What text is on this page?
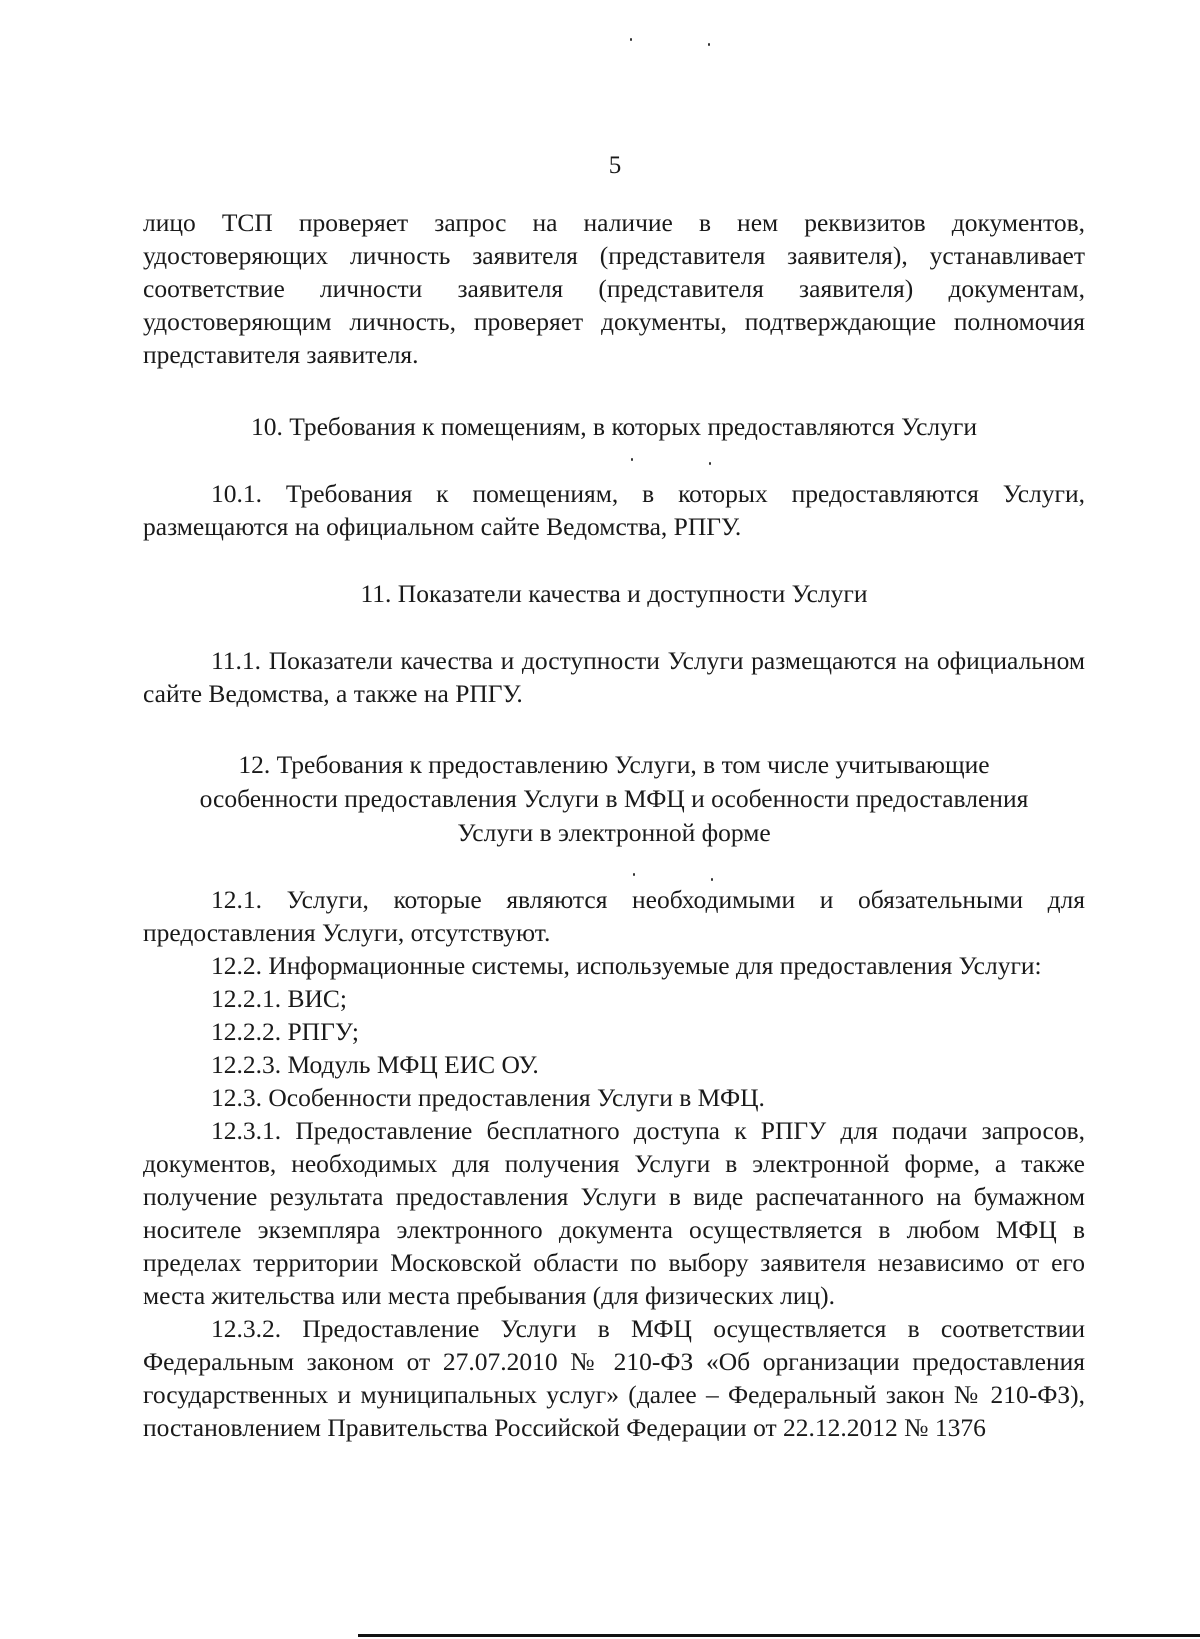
5

лицо ТСП проверяет запрос на наличие в нем реквизитов документов, удостоверяющих личность заявителя (представителя заявителя), устанавливает соответствие личности заявителя (представителя заявителя) документам, удостоверяющим личность, проверяет документы, подтверждающие полномочия представителя заявителя.

10. Требования к помещениям, в которых предоставляются Услуги

10.1. Требования к помещениям, в которых предоставляются Услуги, размещаются на официальном сайте Ведомства, РПГУ.

11. Показатели качества и доступности Услуги

11.1. Показатели качества и доступности Услуги размещаются на официальном сайте Ведомства, а также на РПГУ.

12. Требования к предоставлению Услуги, в том числе учитывающие
особенности предоставления Услуги в МФЦ и особенности предоставления
Услуги в электронной форме

12.1. Услуги, которые являются необходимыми и обязательными для предоставления Услуги, отсутствуют.

12.2. Информационные системы, используемые для предоставления Услуги:

12.2.1. ВИС;

12.2.2. РПГУ;

12.2.3. Модуль МФЦ ЕИС ОУ.

12.3. Особенности предоставления Услуги в МФЦ.

12.3.1. Предоставление бесплатного доступа к РПГУ для подачи запросов, документов, необходимых для получения Услуги в электронной форме, а также получение результата предоставления Услуги в виде распечатанного на бумажном носителе экземпляра электронного документа осуществляется в любом МФЦ в пределах территории Московской области по выбору заявителя независимо от его места жительства или места пребывания (для физических лиц).

12.3.2. Предоставление Услуги в МФЦ осуществляется в соответствии Федеральным законом от 27.07.2010 № 210-ФЗ «Об организации предоставления государственных и муниципальных услуг» (далее – Федеральный закон № 210-ФЗ), постановлением Правительства Российской Федерации от 22.12.2012 № 1376
